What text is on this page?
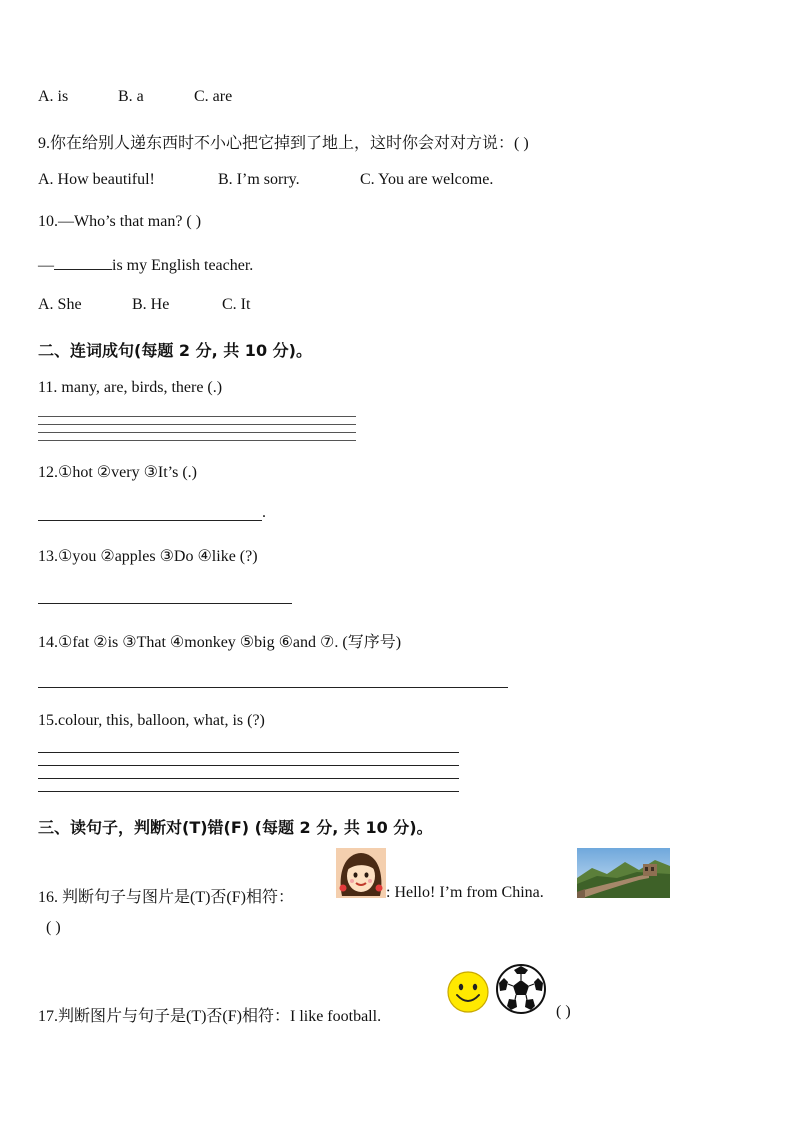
A. is	B. a	C. are
9.你在给别人递东西时不小心把它掉到了地上，这时你会对对方说：( )
A. How beautiful!	B. I’m sorry.	C. You are welcome.
10.—Who’s that man? ( )
—	is my English teacher.
A. She	B. He	C. It
二、连词成句(每题 2 分, 共 10 分)。
11. many, are, birds, there (.)
12.①hot ②very ③It’s (.)
.
13.①you ②apples ③Do ④like (?)
14.①fat ②is ③That ④monkey ⑤big ⑥and ⑦. (写序号)
15.colour, this, balloon, what, is (?)
三、读句子，判断对(T)错(F) (每题 2 分, 共 10 分)。
16. 判断句子与图片是(T)否(F)相符：	: Hello! I’m from China.
( )
17.判断图片与句子是(T)否(F)相符：I like football.	( )
